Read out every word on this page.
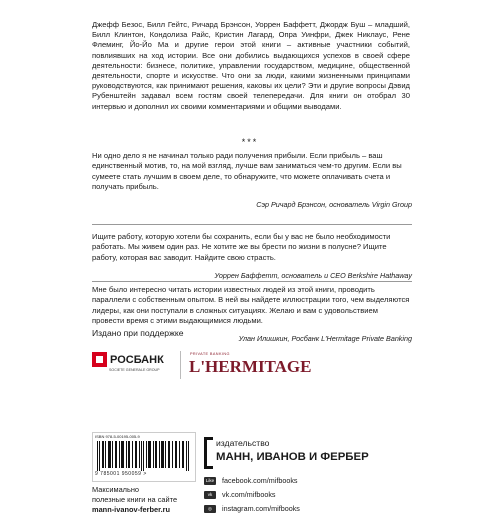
Джефф Безос, Билл Гейтс, Ричард Брэнсон, Уоррен Баффетт, Джордж Буш – младший, Билл Клинтон, Кондолиза Райс, Кристин Лагард, Опра Уинфри, Джек Никлаус, Рене Флеминг, Йо-Йо Ма и другие герои этой книги – активные участники событий, повлиявших на ход истории. Все они добились выдающихся успехов в своей сфере деятельности: бизнесе, политике, управлении государством, медицине, общественной деятельности, спорте и искусстве. Что они за люди, какими жизненными принципами руководствуются, как принимают решения, каковы их цели? Эти и другие вопросы Дэвид Рубенштейн задавал всем гостям своей телепередачи. Для книги он отобрал 30 интервью и дополнил их своими комментариями и общими выводами.
***
Ни одно дело я не начинал только ради получения прибыли. Если прибыль – ваш единственный мотив, то, на мой взгляд, лучше вам заниматься чем-то другим. Если вы сумеете стать лучшим в своем деле, то обнаружите, что можете оплачивать счета и получать прибыль.
Сэр Ричард Брэнсон, основатель Virgin Group
Ищите работу, которую хотели бы сохранить, если бы у вас не было необходимости работать. Мы живем один раз. Не хотите же вы брести по жизни в полусне? Ищите работу, которая вас заводит. Найдите свою страсть.
Уоррен Баффетт, основатель и CEO Berkshire Hathaway
Мне было интересно читать истории известных людей из этой книги, проводить параллели с собственным опытом. В ней вы найдете иллюстрации того, чем выделяются лидеры, как они поступали в сложных ситуациях. Желаю и вам с удовольствием провести время с этими выдающимися людьми.
Улан Илишкин, Росбанк L'Hermitage Private Banking
Издано при поддержке
РОСБАНК
SOCIETE GENERALE GROUP
PRIVATE BANKING
L'HERMITAGE
ISBN 978-5-00195-005-9
9 785001 950059 >
издательство
МАНН, ИВАНОВ И ФЕРБЕР
Like facebook.com/mifbooks
vk	vk.com/mifbooks
◎	instagram.com/mifbooks
Максимально
полезные книги на сайте
mann-ivanov-ferber.ru
